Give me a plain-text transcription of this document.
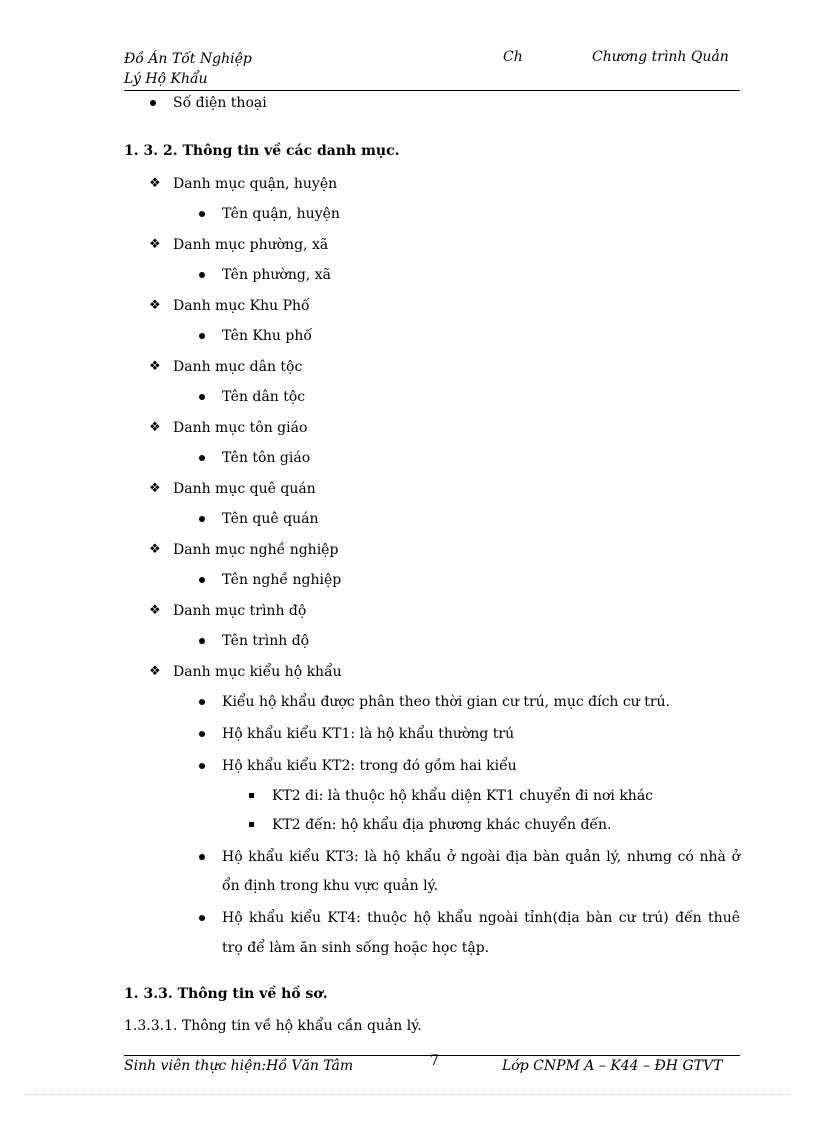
Đồ Án Tốt Nghiệp
Lý Hộ Khẩu
Ch	Chương trình Quản
Số điện thoại
1. 3. 2. Thông tin về các danh mục.
❖ Danh mục quận, huyện
Tên quận, huyện
❖ Danh mục phường, xã
Tên phường, xã
❖ Danh mục Khu Phố
Tên Khu phố
❖ Danh mục dân tộc
Tên dân tộc
❖ Danh mục tôn giáo
Tên tôn giáo
❖ Danh mục quê quán
Tên quê quán
❖ Danh mục nghề nghiệp
Tên nghề nghiệp
❖ Danh mục trình độ
Tên trình độ
❖ Danh mục kiểu hộ khẩu
Kiểu hộ khẩu được phân theo thời gian cư trú, mục đích cư trú.
Hộ khẩu kiểu KT1: là hộ khẩu thường trú
Hộ khẩu kiểu KT2: trong đó gồm hai kiểu
KT2 đi: là thuộc hộ khẩu diện KT1 chuyển đi nơi khác
KT2 đến: hộ khẩu địa phương khác chuyển đến.
Hộ khẩu kiểu KT3: là hộ khẩu ở ngoài địa bàn quản lý, nhưng có nhà ở
ổn định trong khu vực quản lý.
Hộ khẩu kiểu KT4: thuộc hộ khẩu ngoài tỉnh(địa bàn cư trú) đến thuê
trọ để làm ăn sinh sống hoặc học tập.
1. 3.3. Thông tin về hồ sơ.
1.3.3.1. Thông tin về hộ khẩu cần quản lý.
Sinh viên thực hiện:Hồ Văn Tâm	7	Lớp CNPM A – K44 – ĐH GTVT
